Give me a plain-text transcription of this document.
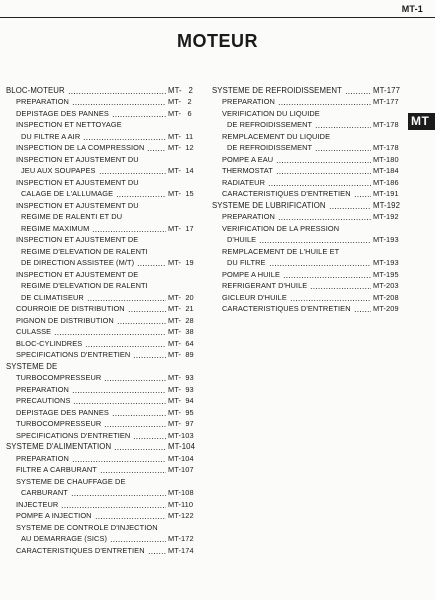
MT-1
MOTEUR
BLOC-MOTEUR	MT-   2
PREPARATION	MT-   2
DEPISTAGE DES PANNES	MT-   6
INSPECTION ET NETTOYAGE
DU FILTRE A AIR	MT-  11
INSPECTION DE LA COMPRESSION	MT-  12
INSPECTION ET AJUSTEMENT DU
JEU AUX SOUPAPES	MT-  14
INSPECTION ET AJUSTEMENT DU
CALAGE DE L'ALLUMAGE	MT-  15
INSPECTION ET AJUSTEMENT DU
REGIME DE RALENTI ET DU
REGIME MAXIMUM	MT-  17
INSPECTION ET AJUSTEMENT DE
REGIME D'ELEVATION DE RALENTI
DE DIRECTION ASSISTEE (M/T)	MT-  19
INSPECTION ET AJUSTEMENT DE
REGIME D'ELEVATION DE RALENTI
DE CLIMATISEUR	MT-  20
COURROIE DE DISTRIBUTION	MT-  21
PIGNON DE DISTRIBUTION	MT-  28
CULASSE	MT-  38
BLOC-CYLINDRES	MT-  64
SPECIFICATIONS D'ENTRETIEN	MT-  89
SYSTEME DE
TURBOCOMPRESSEUR	MT-  93
PREPARATION	MT-  93
PRECAUTIONS	MT-  94
DEPISTAGE DES PANNES	MT-  95
TURBOCOMPRESSEUR	MT-  97
SPECIFICATIONS D'ENTRETIEN	MT-103
SYSTEME D'ALIMENTATION	MT-104
PREPARATION	MT-104
FILTRE A CARBURANT	MT-107
SYSTEME DE CHAUFFAGE DE
CARBURANT	MT-108
INJECTEUR	MT-110
POMPE A INJECTION	MT-122
SYSTEME DE CONTROLE D'INJECTION
AU DEMARRAGE (SICS)	MT-172
CARACTERISTIQUES D'ENTRETIEN	MT-174
SYSTEME DE REFROIDISSEMENT	MT-177
PREPARATION	MT-177
VERIFICATION DU LIQUIDE
DE REFROIDISSEMENT	MT-178
REMPLACEMENT DU LIQUIDE
DE REFROIDISSEMENT	MT-178
POMPE A EAU	MT-180
THERMOSTAT	MT-184
RADIATEUR	MT-186
CARACTERISTIQUES D'ENTRETIEN	MT-191
SYSTEME DE LUBRIFICATION	MT-192
PREPARATION	MT-192
VERIFICATION DE LA PRESSION
D'HUILE	MT-193
REMPLACEMENT DE L'HUILE ET
DU FILTRE	MT-193
POMPE A HUILE	MT-195
REFRIGERANT D'HUILE	MT-203
GICLEUR D'HUILE	MT-208
CARACTERISTIQUES D'ENTRETIEN	MT-209
MT
